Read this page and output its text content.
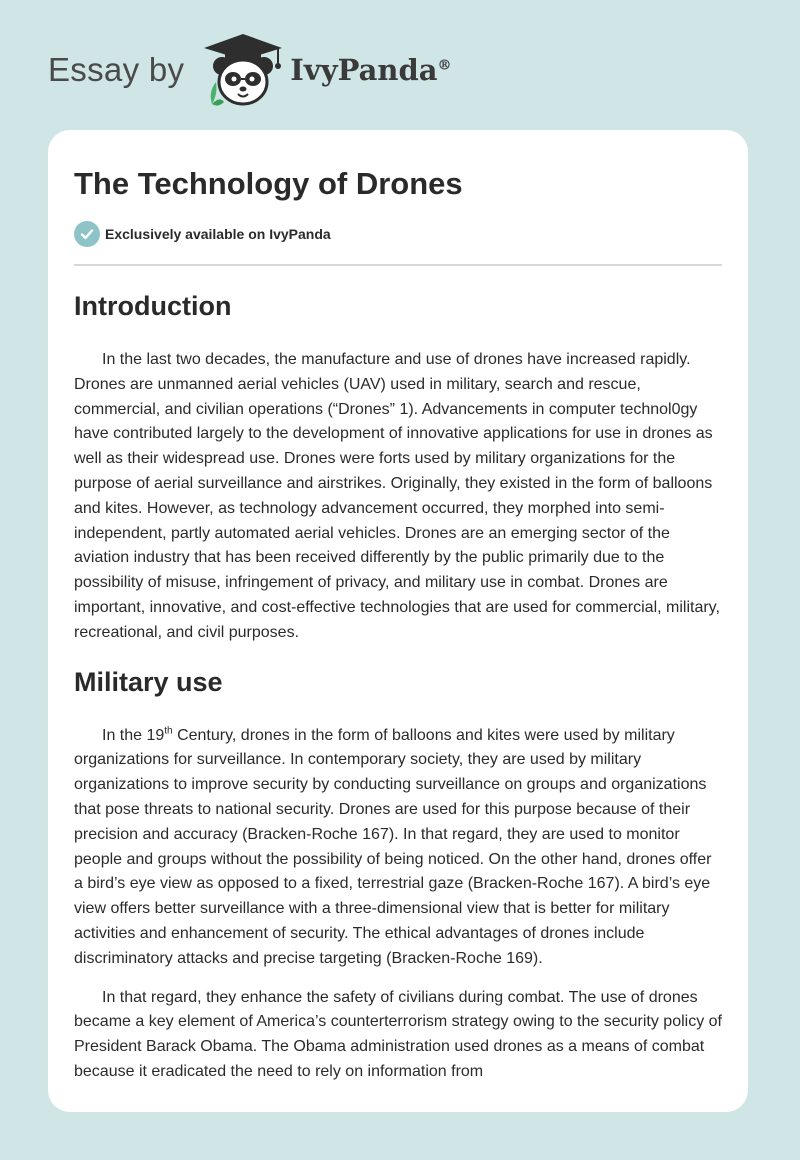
Essay by	IvyPanda®
The Technology of Drones
Exclusively available on IvyPanda
Introduction

In the last two decades, the manufacture and use of drones have increased rapidly. Drones are unmanned aerial vehicles (UAV) used in military, search and rescue, commercial, and civilian operations (“Drones” 1). Advancements in computer technol0gy have contributed largely to the development of innovative applications for use in drones as well as their widespread use. Drones were forts used by military organizations for the purpose of aerial surveillance and airstrikes. Originally, they existed in the form of balloons and kites. However, as technology advancement occurred, they morphed into semi-independent, partly automated aerial vehicles. Drones are an emerging sector of the aviation industry that has been received differently by the public primarily due to the possibility of misuse, infringement of privacy, and military use in combat. Drones are important, innovative, and cost-effective technologies that are used for commercial, military, recreational, and civil purposes.

Military use

In the 19th Century, drones in the form of balloons and kites were used by military organizations for surveillance. In contemporary society, they are used by military organizations to improve security by conducting surveillance on groups and organizations that pose threats to national security. Drones are used for this purpose because of their precision and accuracy (Bracken-Roche 167). In that regard, they are used to monitor people and groups without the possibility of being noticed. On the other hand, drones offer a bird’s eye view as opposed to a fixed, terrestrial gaze (Bracken-Roche 167). A bird’s eye view offers better surveillance with a three-dimensional view that is better for military activities and enhancement of security. The ethical advantages of drones include discriminatory attacks and precise targeting (Bracken-Roche 169).

In that regard, they enhance the safety of civilians during combat. The use of drones became a key element of America’s counterterrorism strategy owing to the security policy of President Barack Obama. The Obama administration used drones as a means of combat because it eradicated the need to rely on information from
